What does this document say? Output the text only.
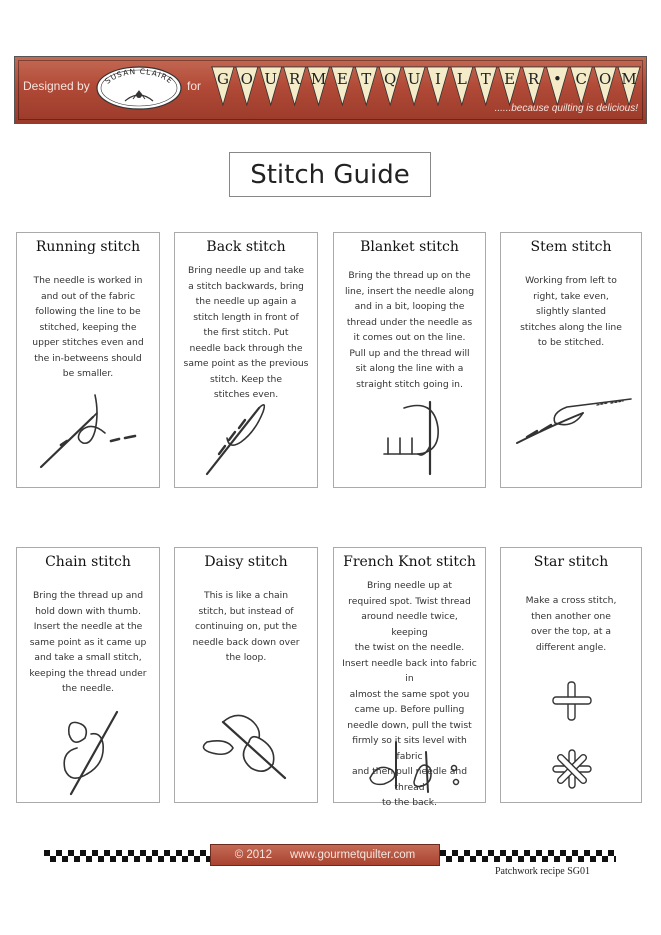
Designed by SUSAN CLAIRE for G O U R M E T Q U I L T E R • C O M
......because quilting is delicious!
Stitch Guide
Running stitch

The needle is worked in
and out of the fabric
following the line to be
stitched, keeping the
upper stitches even and
the in-betweens should
be smaller.

Back stitch

Bring needle up and take
a stitch backwards, bring
the needle up again a
stitch length in front of
the first stitch. Put
needle back through the
same point as the previous
stitch. Keep the
stitches even.

Blanket stitch

Bring the thread up on the
line, insert the needle along
and in a bit, looping the
thread under the needle as
it comes out on the line.
Pull up and the thread will
sit along the line with a
straight stitch going in.

Stem stitch

Working from left to
right, take even,
slightly slanted
stitches along the line
to be stitched.

Chain stitch

Bring the thread up and
hold down with thumb.
Insert the needle at the
same point as it came up
and take a small stitch,
keeping the thread under
the needle.

Daisy stitch

This is like a chain
stitch, but instead of
continuing on, put the
needle back down over
the loop.

French Knot stitch

Bring needle up at
required spot. Twist thread
around needle twice, keeping
the twist on the needle.
Insert needle back into fabric in
almost the same spot you
came up. Before pulling
needle down, pull the twist
firmly so it sits level with fabric
and then pull needle and thread
to the back.

Star stitch

Make a cross stitch,
then another one
over the top, at a
different angle.

© 2012 www.gourmetquilter.com
Patchwork recipe SG01
